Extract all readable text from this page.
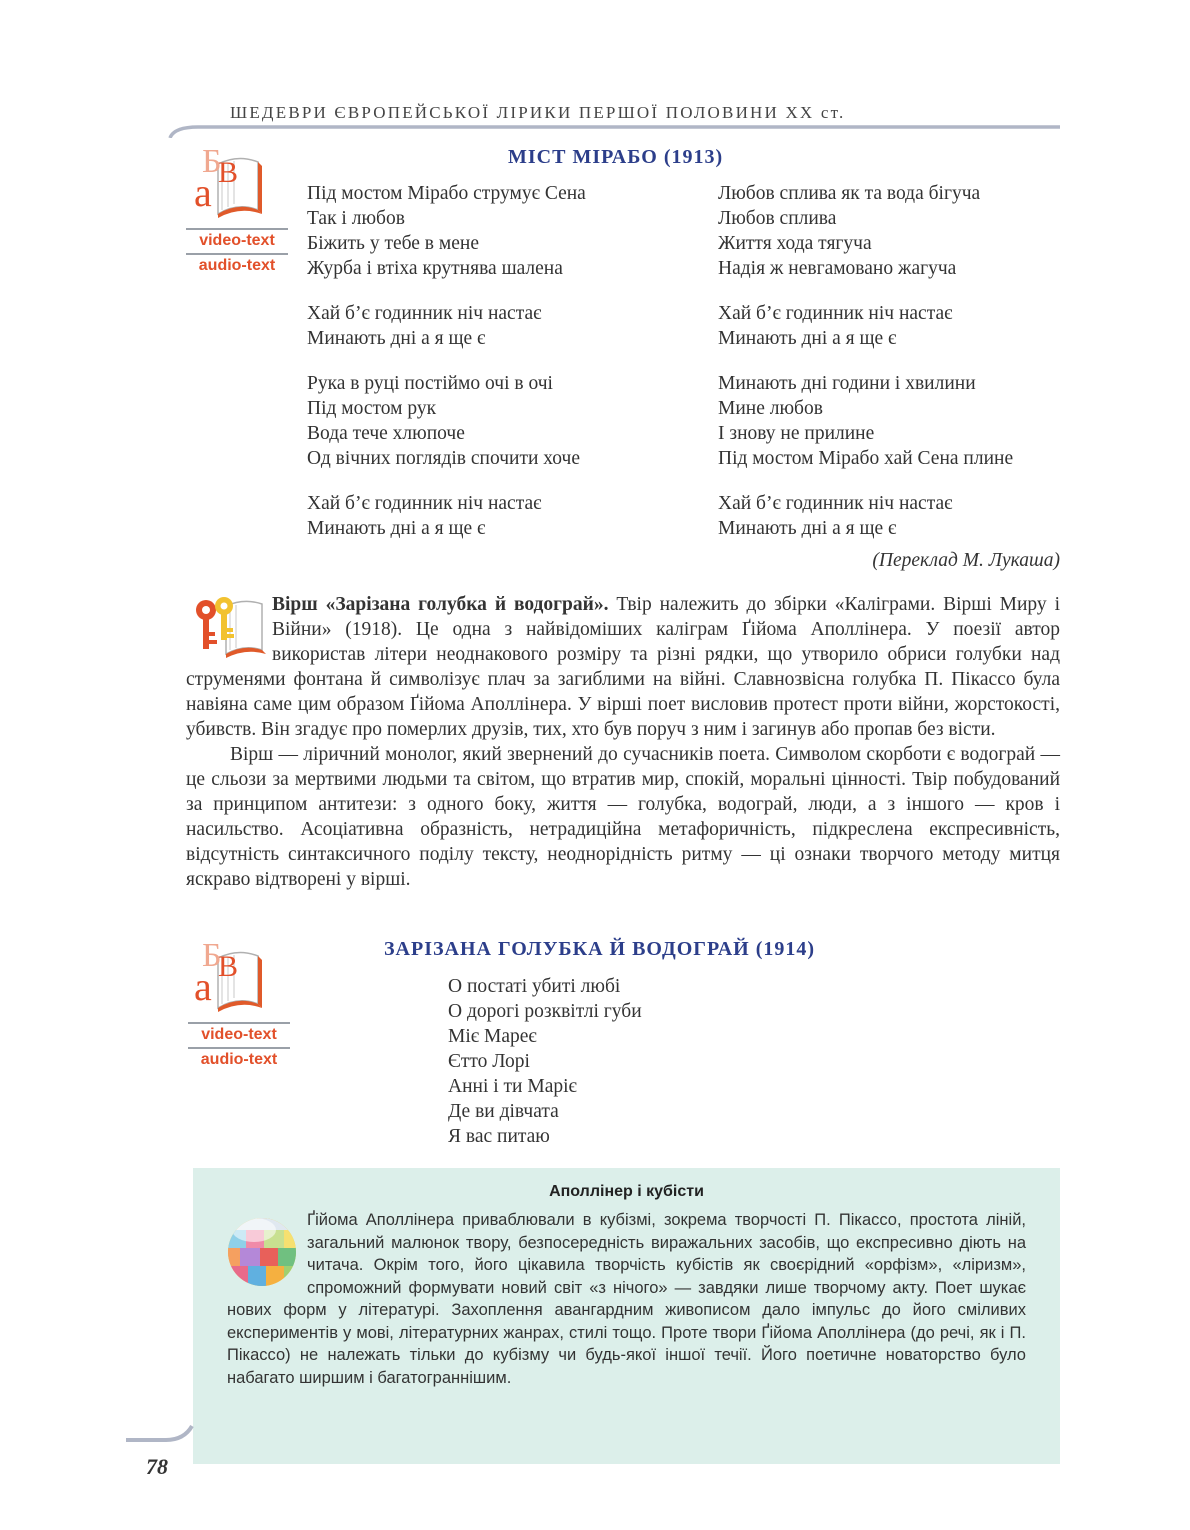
ШЕДЕВРИ ЄВРОПЕЙСЬКОЇ ЛІРИКИ ПЕРШОЇ ПОЛОВИНИ XX ст.
МІСТ МІРАБО (1913)
Б
В
а
video-text
audio-text
Під мостом Мірабо струмує Сена
Так і любов
Біжить у тебе в мене
Журба і втіха крутнява шалена
Хай б’є годинник ніч настає
Минають дні а я ще є
Рука в руці постіймо очі в очі
Під мостом рук
Вода тече хлюпоче
Од вічних поглядів спочити хоче
Хай б’є годинник ніч настає
Минають дні а я ще є
Любов сплива як та вода бігуча
Любов сплива
Життя хода тягуча
Надія ж невгамовано жагуча
Хай б’є годинник ніч настає
Минають дні а я ще є
Минають дні години і хвилини
Мине любов
І знову не прилине
Під мостом Мірабо хай Сена плине
Хай б’є годинник ніч настає
Минають дні а я ще є
(Переклад М. Лукаша)

Вірш «Зарізана голубка й водограй». Твір належить до збірки «Каліграми. Вірші Миру і Війни» (1918). Це одна з найвідоміших каліграм Ґійома Аполлінера. У поезії автор використав літери неоднакового розміру та різні рядки, що утворило обриси голубки над струменями фонтана й символізує плач за загиблими на війні. Славнозвісна голубка П. Пікассо була навіяна саме цим образом Ґійома Аполлінера. У вірші поет висловив протест проти війни, жорстокості, убивств. Він згадує про померлих друзів, тих, хто був поруч з ним і загинув або пропав без вісти.

Вірш — ліричний монолог, який звернений до сучасників поета. Символом скорботи є водограй — це сльози за мертвими людьми та світом, що втратив мир, спокій, моральні цінності. Твір побудований за принципом антитези: з одного боку, життя — голубка, водограй, люди, а з іншого — кров і насильство. Асоціативна образність, нетрадиційна метафоричність, підкреслена експресивність, відсутність синтаксичного поділу тексту, неоднорідність ритму — ці ознаки творчого методу митця яскраво відтворені у вірші.

ЗАРІЗАНА ГОЛУБКА Й ВОДОГРАЙ (1914)
Б
В
а
video-text
audio-text
О постаті убиті любі
О дорогі розквітлі губи
Міє Мареє
Єтто Лорі
Анні і ти Маріє
Де ви дівчата
Я вас питаю
Аполлінер і кубісти
Ґійома Аполлінера приваблювали в кубізмі, зокрема творчості П. Пікассо, простота ліній, загальний малюнок твору, безпосередність виражальних засобів, що експресивно діють на читача. Окрім того, його цікавила творчість кубістів як своєрідний «орфізм», «ліризм», спроможний формувати новий світ «з нічого» — завдяки лише творчому акту. Поет шукає нових форм у літературі. Захоплення авангардним живописом дало імпульс до його сміливих експериментів у мові, літературних жанрах, стилі тощо. Проте твори Ґійома Аполлінера (до речі, як і П. Пікассо) не належать тільки до кубізму чи будь-якої іншої течії. Його поетичне новаторство було набагато ширшим і багатограннішим.
78
